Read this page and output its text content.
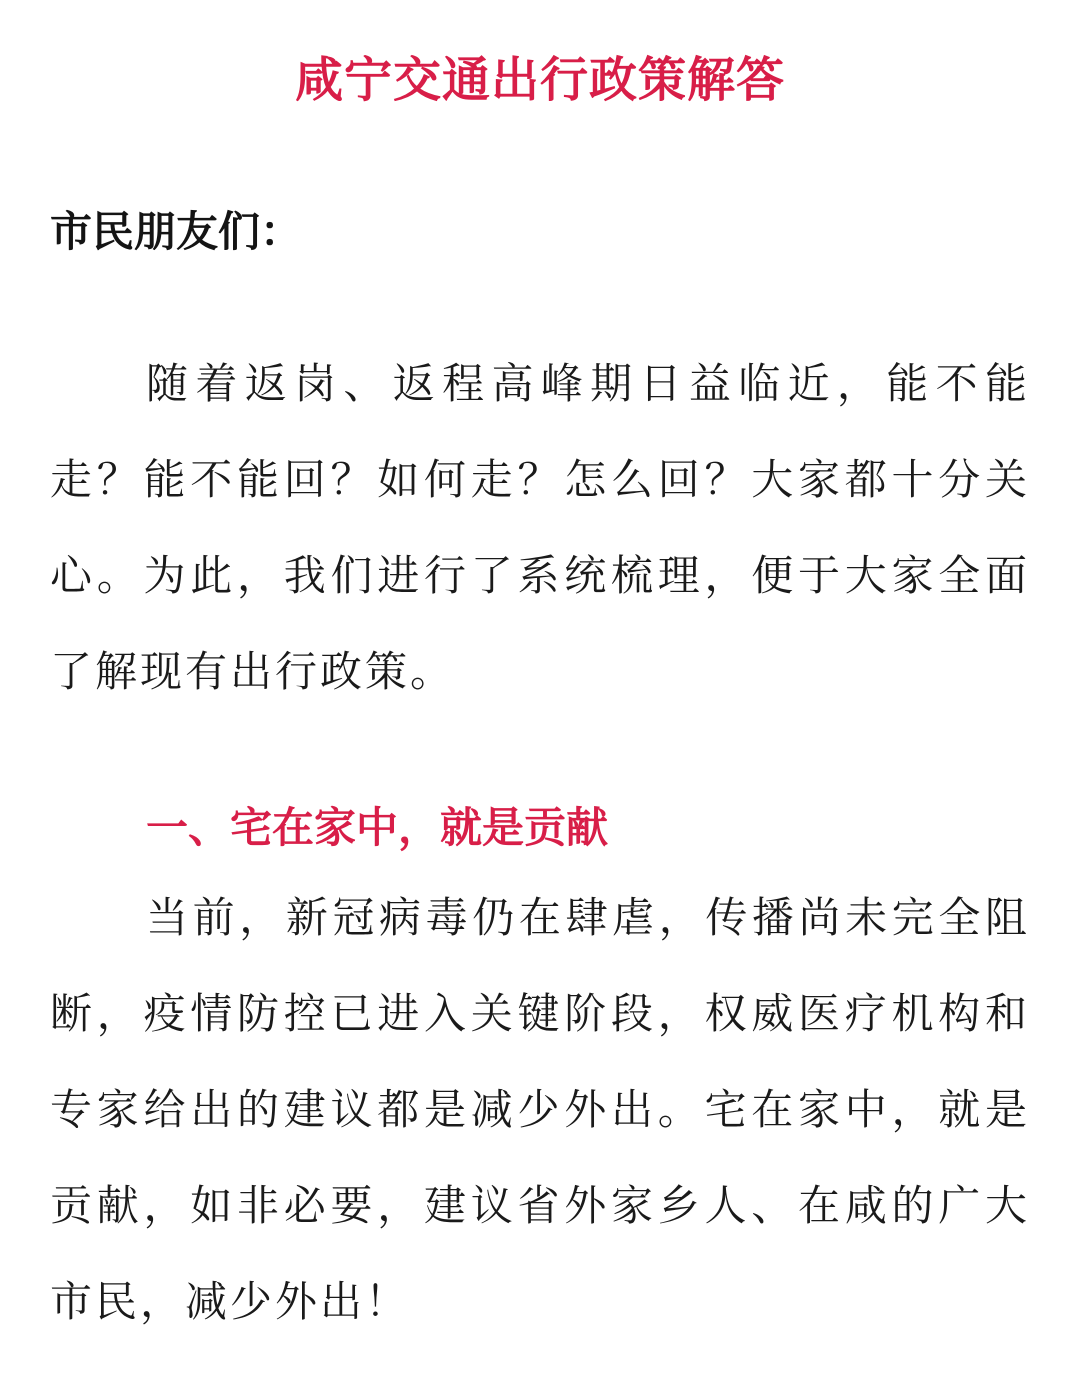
咸宁交通出行政策解答
市民朋友们：

随着返岗、返程高峰期日益临近，能不能走？能不能回？如何走？怎么回？大家都十分关心。为此，我们进行了系统梳理，便于大家全面了解现有出行政策。

一、宅在家中，就是贡献

当前，新冠病毒仍在肆虐，传播尚未完全阻断，疫情防控已进入关键阶段，权威医疗机构和专家给出的建议都是减少外出。宅在家中，就是贡献，如非必要，建议省外家乡人、在咸的广大市民，减少外出！
